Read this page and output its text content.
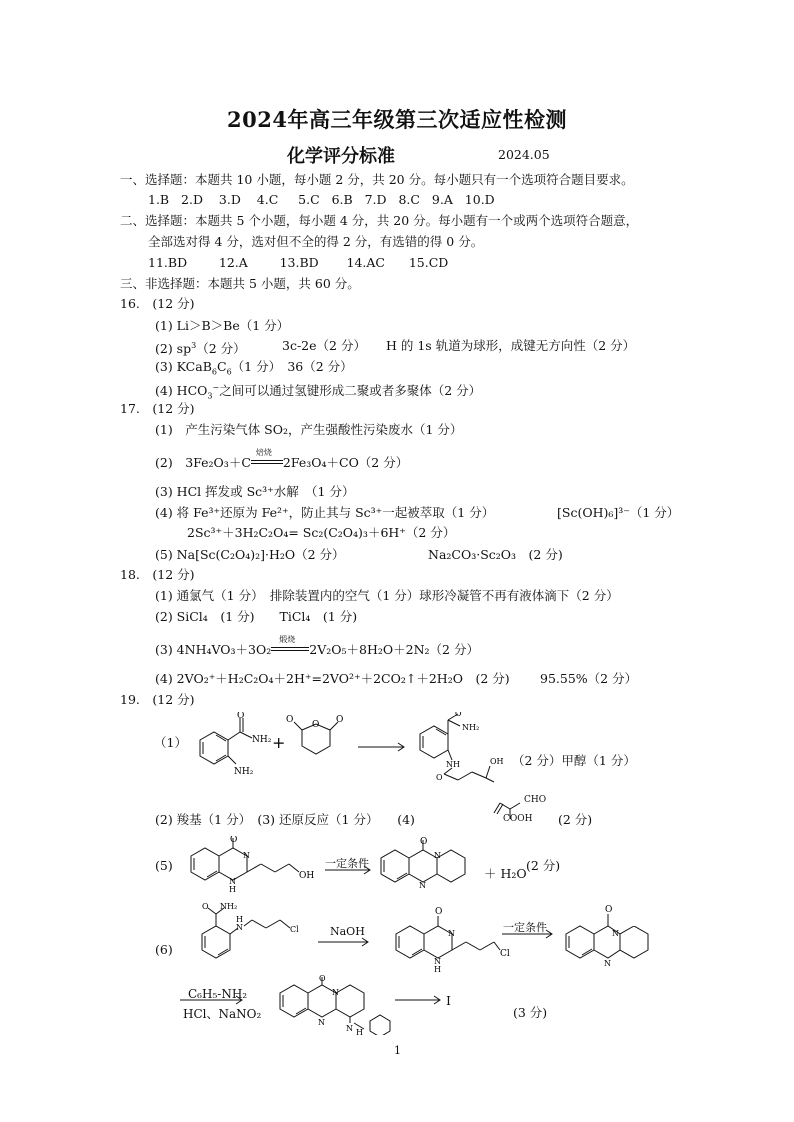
2024年高三年级第三次适应性检测
化学评分标准	2024.05
一、选择题：本题共 10 小题，每小题 2 分，共 20 分。每小题只有一个选项符合题目要求。
1.B 2.D 3.D 4.C 5.C 6.B 7.D 8.C 9.A 10.D
二、选择题：本题共 5 个小题，每小题 4 分，共 20 分。每小题有一个或两个选项符合题意，
全部选对得 4 分，选对但不全的得 2 分，有选错的得 0 分。
11.BD	12.A	13.BD 14.AC 15.CD
三、非选择题：本题共 5 小题，共 60 分。
16.　(12 分)
(1) Li＞B＞Be（1 分）
(2) $sp^3(2$ 分）	3c-2e（2 分） H 的 1s 轨道为球形，成键无方向性（2 分）
(3) $KCaB_6C_6(1$ 分）　36（2 分）
(4) $HCO_3^-$之间可以通过氢键形成二聚或者多聚体（2 分）
17.　(12 分)
(1)　产生污染气体 SO₂，产生强酸性污染废水（1 分）
(2)　3Fe₂O₃＋C
焙烧
2Fe₃O₄＋CO（2 分）
(3) HCl 挥发或 Sc³⁺水解　（1 分）
(4) 将 Fe³⁺还原为 Fe²⁺，防止其与 Sc³⁺一起被萃取（1 分）	[Sc(OH)₆]³⁻（1 分）
2Sc³⁺＋3H₂C₂O₄= Sc₂(C₂O₄)₃＋6H⁺（2 分）
(5) Na[Sc(C₂O₄)₂]·H₂O（2 分）	Na₂CO₃·Sc₂O₃　(2 分)
18.　(12 分)
(1) 通氯气（1 分）　排除装置内的空气（1 分）球形冷凝管不再有液体滴下（2 分）
(2) SiCl₄　(1 分)　　TiCl₄　(1 分)
(3) 4NH₄VO₃＋3O₂
煅烧
2V₂O₅＋8H₂O＋2N₂（2 分）
(4) 2VO₂⁺＋H₂C₂O₄＋2H⁺=2VO²⁺＋2CO₂↑＋2H₂O　(2 分) 95.55%（2 分）
19.　(12 分)
（1）
O
NH₂
NH₂
+
O
O	O
O
NH₂
NH
O
OH （2 分）甲醇（1 分）
(2) 羧基（1 分）　(3) 还原反应（1 分）　　(4)
CHO
COOH (2 分)
(5)
O
N
N
H
OH
O
N
N
一定条件
＋ H₂O
(2 分)
(6)
O NH₂
N
H
Cl
O
N
N
H
Cl
O
N
N
NaOH	一定条件
C₆H₅-NH₂
HCl、NaNO₂
O
N
N
N H
I
(3 分)
1
